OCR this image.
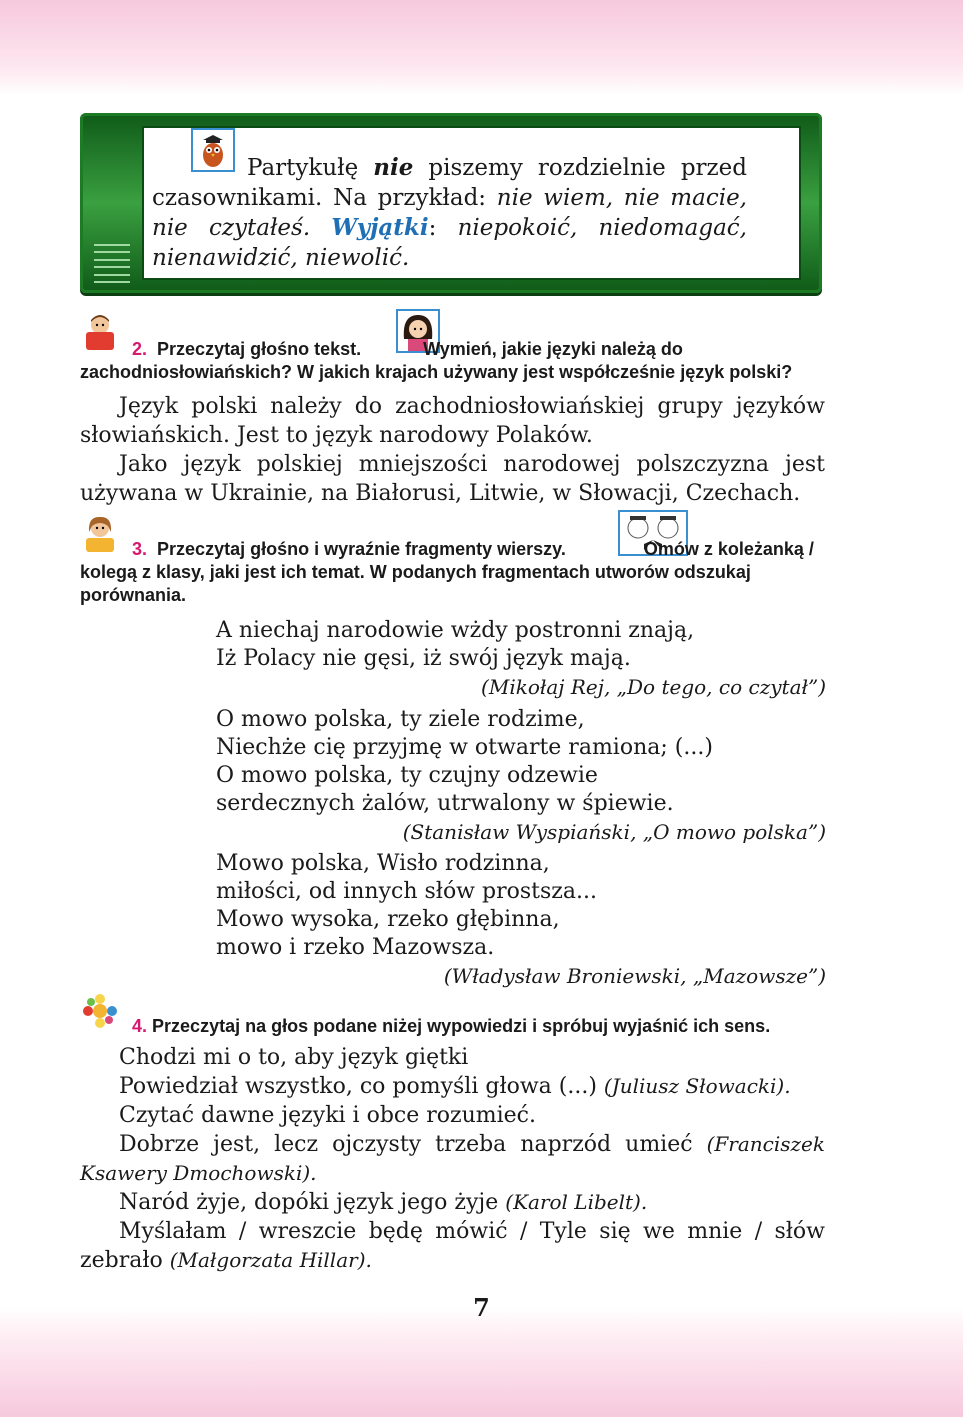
Partykułę nie piszemy rozdzielnie przed czasownikami. Na przykład: nie wiem, nie macie, nie czytałeś. Wyjątki: niepokoić, niedomagać, nienawidzić, niewolić.
2. Przeczytaj głośno tekst.	Wymień, jakie języki należą do zachodniosłowiańskich? W jakich krajach używany jest współcześnie język polski?

Język polski należy do zachodniosłowiańskiej grupy języków słowiańskich. Jest to język narodowy Polaków.

Jako język polskiej mniejszości narodowej polszczyzna jest używana w Ukrainie, na Białorusi, Litwie, w Słowacji, Czechach.

3. Przeczytaj głośno i wyraźnie fragmenty wierszy.	Omów z koleżanką / kolegą z klasy, jaki jest ich temat. W podanych fragmentach utworów odszukaj porównania.
A niechaj narodowie wżdy postronni znają,
Iż Polacy nie gęsi, iż swój język mają.
(Mikołaj Rej, „Do tego, co czytał”)
O mowo polska, ty ziele rodzime,
Niechże cię przyjmę w otwarte ramiona; (...)
O mowo polska, ty czujny odzewie
serdecznych żalów, utrwalony w śpiewie.
(Stanisław Wyspiański, „O mowo polska”)
Mowo polska, Wisło rodzinna,
miłości, od innych słów prostsza...
Mowo wysoka, rzeko głębinna,
mowo i rzeko Mazowsza.
(Władysław Broniewski, „Mazowsze”)
4. Przeczytaj na głos podane niżej wypowiedzi i spróbuj wyjaśnić ich sens.
Chodzi mi o to, aby język giętki
Powiedział wszystko, co pomyśli głowa (...) (Juliusz Słowacki).
Czytać dawne języki i obce rozumieć.
Dobrze jest, lecz ojczysty trzeba naprzód umieć (Franciszek Ksawery Dmochowski).
Naród żyje, dopóki język jego żyje (Karol Libelt).
Myślałam / wreszcie będę mówić / Tyle się we mnie / słów zebrało (Małgorzata Hillar).
7
